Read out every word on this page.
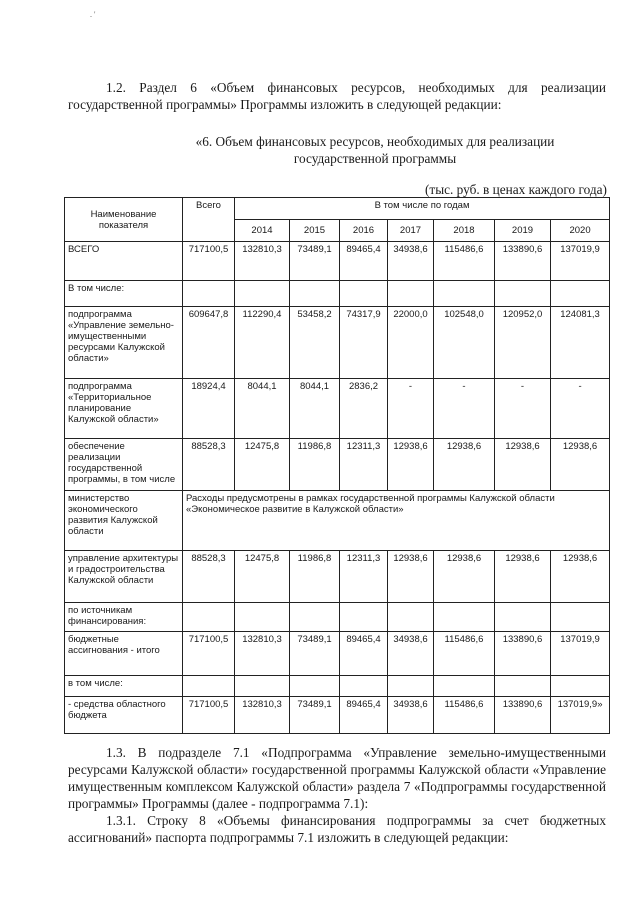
. '

1.2. Раздел 6 «Объем финансовых ресурсов, необходимых для реализации государственной программы» Программы изложить в следующей редакции:

«6. Объем финансовых ресурсов, необходимых для реализации
государственной программы
(тыс. руб. в ценах каждого года)
Наименование показателя	Всего	В том числе по годам						
		2014	2015	2016	2017	2018	2019	2020
ВСЕГО	717100,5	132810,3	73489,1	89465,4	34938,6	115486,6	133890,6	137019,9
В том числе:								
подпрограмма «Управление земельно-имущественными ресурсами Калужской области»	609647,8	112290,4	53458,2	74317,9	22000,0	102548,0	120952,0	124081,3
подпрограмма «Территориальное планирование Калужской области»	18924,4	8044,1	8044,1	2836,2	-	-	-	-
обеспечение реализации государственной программы, в том числе	88528,3	12475,8	11986,8	12311,3	12938,6	12938,6	12938,6	12938,6
министерство экономического развития Калужской области	Расходы предусмотрены в рамках государственной программы Калужской области «Экономическое развитие в Калужской области»							
управление архитектуры и градостроительства Калужской области	88528,3	12475,8	11986,8	12311,3	12938,6	12938,6	12938,6	12938,6
по источникам финансирования:								
бюджетные ассигнования - итого	717100,5	132810,3	73489,1	89465,4	34938,6	115486,6	133890,6	137019,9
в том числе:								
- средства областного бюджета	717100,5	132810,3	73489,1	89465,4	34938,6	115486,6	133890,6	137019,9»

1.3. В подразделе 7.1 «Подпрограмма «Управление земельно-имущественными ресурсами Калужской области» государственной программы Калужской области «Управление имущественным комплексом Калужской области» раздела 7 «Подпрограммы государственной программы» Программы (далее - подпрограмма 7.1):

1.3.1. Строку 8 «Объемы финансирования подпрограммы за счет бюджетных ассигнований» паспорта подпрограммы 7.1 изложить в следующей редакции:
